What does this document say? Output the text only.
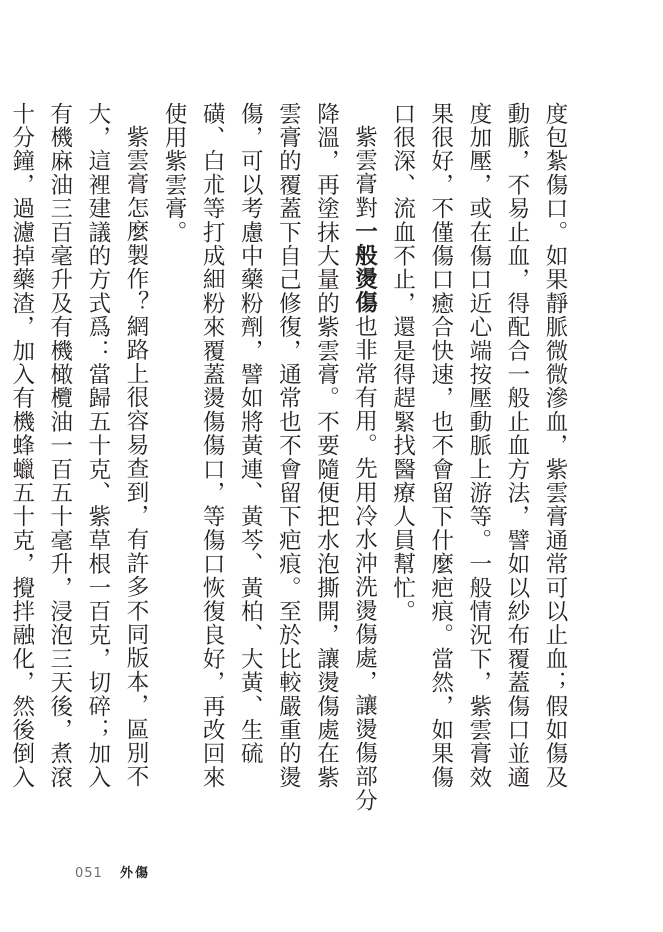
度包紮傷口。如果靜脈微微滲血，紫雲膏通常可以止血；假如傷及動脈，不易止血，得配合一般止血方法，譬如以紗布覆蓋傷口並適度加壓，或在傷口近心端按壓動脈上游等。一般情況下，紫雲膏效果很好，不僅傷口癒合快速，也不會留下什麼疤痕。當然，如果傷口很深、流血不止，還是得趕緊找醫療人員幫忙。

紫雲膏對一般燙傷也非常有用。先用冷水沖洗燙傷處，讓燙傷部分降溫，再塗抹大量的紫雲膏。不要隨便把水泡撕開，讓燙傷處在紫雲膏的覆蓋下自己修復，通常也不會留下疤痕。至於比較嚴重的燙傷，可以考慮中藥粉劑，譬如將黃連、黃芩、黃柏、大黃、生硫磺、白朮等打成細粉來覆蓋燙傷傷口，等傷口恢復良好，再改回來使用紫雲膏。

紫雲膏怎麼製作？網路上很容易查到，有許多不同版本，區別不大，這裡建議的方式爲：當歸五十克、紫草根一百克，切碎；加入有機麻油三百毫升及有機橄欖油一百五十毫升，浸泡三天後，煮滾十分鐘，過濾掉藥渣，加入有機蜂蠟五十克，攪拌融化，然後倒入

051 外傷
